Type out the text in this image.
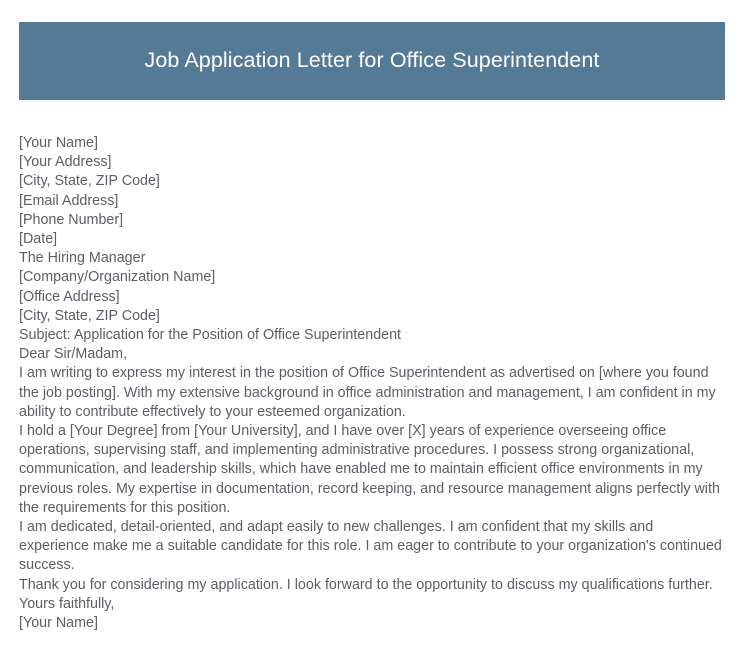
Job Application Letter for Office Superintendent
[Your Name]
[Your Address]
[City, State, ZIP Code]
[Email Address]
[Phone Number]
[Date]
The Hiring Manager
[Company/Organization Name]
[Office Address]
[City, State, ZIP Code]
Subject: Application for the Position of Office Superintendent
Dear Sir/Madam,
I am writing to express my interest in the position of Office Superintendent as advertised on [where you found the job posting]. With my extensive background in office administration and management, I am confident in my ability to contribute effectively to your esteemed organization.
I hold a [Your Degree] from [Your University], and I have over [X] years of experience overseeing office operations, supervising staff, and implementing administrative procedures. I possess strong organizational, communication, and leadership skills, which have enabled me to maintain efficient office environments in my previous roles. My expertise in documentation, record keeping, and resource management aligns perfectly with the requirements for this position.
I am dedicated, detail-oriented, and adapt easily to new challenges. I am confident that my skills and experience make me a suitable candidate for this role. I am eager to contribute to your organization's continued success.
Thank you for considering my application. I look forward to the opportunity to discuss my qualifications further.
Yours faithfully,
[Your Name]
